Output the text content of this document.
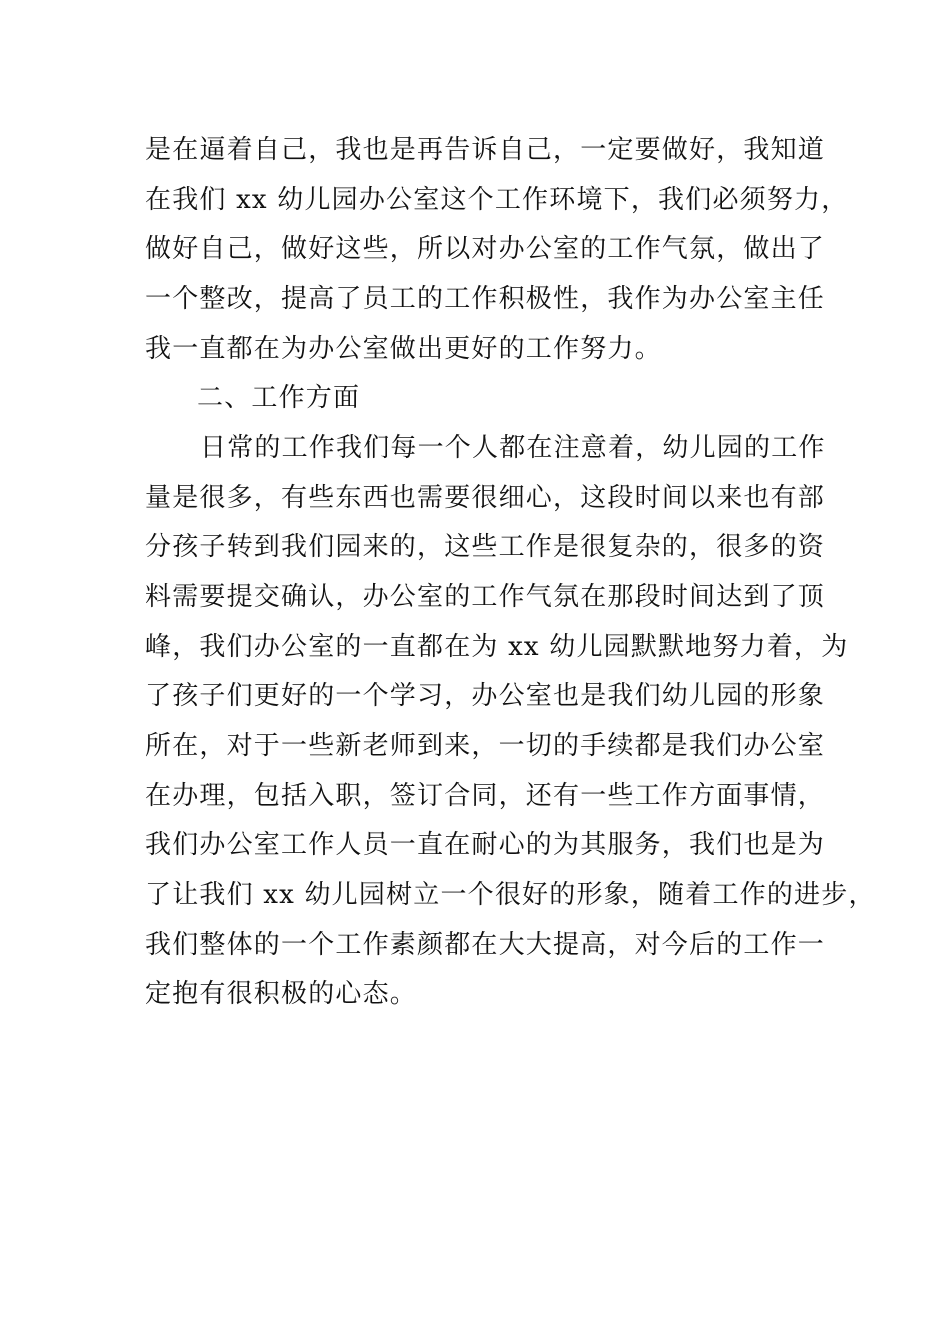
是在逼着自己，我也是再告诉自己，一定要做好，我知道
在我们 xx 幼儿园办公室这个工作环境下，我们必须努力，
做好自己，做好这些，所以对办公室的工作气氛，做出了
一个整改，提高了员工的工作积极性，我作为办公室主任
我一直都在为办公室做出更好的工作努力。
二、工作方面
日常的工作我们每一个人都在注意着，幼儿园的工作
量是很多，有些东西也需要很细心，这段时间以来也有部
分孩子转到我们园来的，这些工作是很复杂的，很多的资
料需要提交确认，办公室的工作气氛在那段时间达到了顶
峰，我们办公室的一直都在为 xx 幼儿园默默地努力着，为
了孩子们更好的一个学习，办公室也是我们幼儿园的形象
所在，对于一些新老师到来，一切的手续都是我们办公室
在办理，包括入职，签订合同，还有一些工作方面事情，
我们办公室工作人员一直在耐心的为其服务，我们也是为
了让我们 xx 幼儿园树立一个很好的形象，随着工作的进步，
我们整体的一个工作素颜都在大大提高，对今后的工作一
定抱有很积极的心态。
